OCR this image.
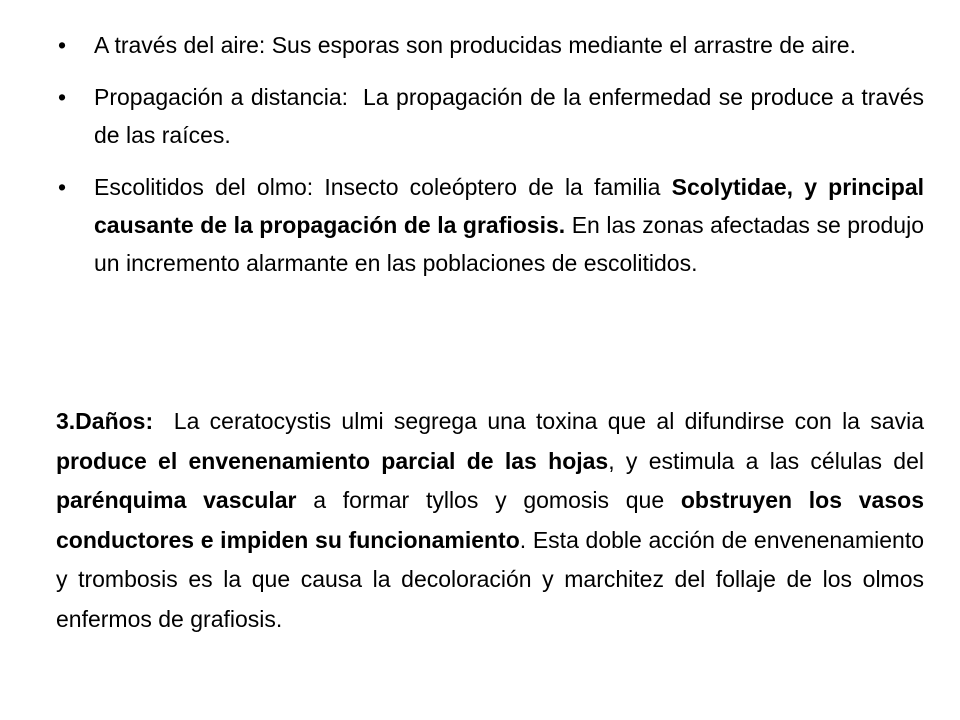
• A través del aire: Sus esporas son producidas mediante el arrastre de aire.
• Propagación a distancia:  La propagación de la enfermedad se produce a través de las raíces.
• Escolitidos del olmo: Insecto coleóptero de la familia Scolytidae, y principal causante de la propagación de la grafiosis. En las zonas afectadas se produjo un incremento alarmante en las poblaciones de escolitidos.

3.Daños:  La ceratocystis ulmi segrega una toxina que al difundirse con la savia produce el envenenamiento parcial de las hojas, y estimula a las células del parénquima vascular a formar tyllos y gomosis que obstruyen los vasos conductores e impiden su funcionamiento. Esta doble acción de envenenamiento y trombosis es la que causa la decoloración y marchitez del follaje de los olmos enfermos de grafiosis.
